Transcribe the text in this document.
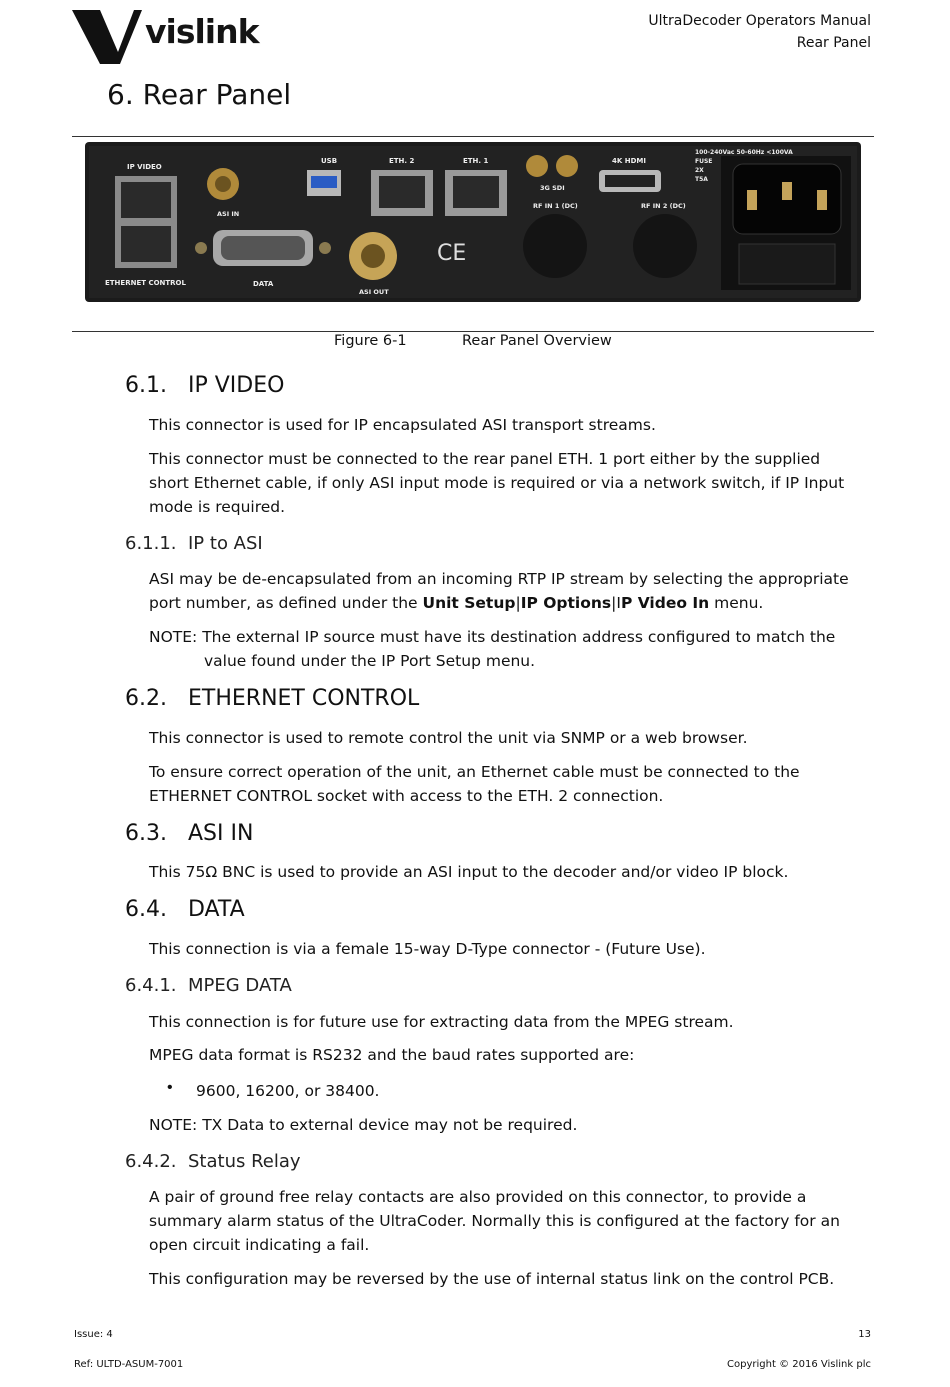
vislink	UltraDecoder Operators Manual
Rear Panel
6. Rear Panel
IP VIDEO
ETHERNET CONTROL
ASI IN
DATA
USB	ETH. 2	ETH. 1
ASI OUT
CE
3G SDI
RF IN 1 (DC)
4K HDMI
RF IN 2 (DC)
100-240Vac 50-60Hz <100VA
FUSE
2X
T5A
Figure 6-1	Rear Panel Overview
6.1. IP VIDEO
This connector is used for IP encapsulated ASI transport streams.
This connector must be connected to the rear panel ETH. 1 port either by the supplied
short Ethernet cable, if only ASI input mode is required or via a network switch, if IP Input
mode is required.
6.1.1. IP to ASI
ASI may be de-encapsulated from an incoming RTP IP stream by selecting the appropriate
port number, as defined under the Unit Setup|IP Options|IP Video In menu.
NOTE: The external IP source must have its destination address configured to match the
value found under the IP Port Setup menu.
6.2. ETHERNET CONTROL
This connector is used to remote control the unit via SNMP or a web browser.
To ensure correct operation of the unit, an Ethernet cable must be connected to the
ETHERNET CONTROL socket with access to the ETH. 2 connection.
6.3. ASI IN
This 75Ω BNC is used to provide an ASI input to the decoder and/or video IP block.
6.4. DATA
This connection is via a female 15-way D-Type connector - (Future Use).
6.4.1. MPEG DATA
This connection is for future use for extracting data from the MPEG stream.
MPEG data format is RS232 and the baud rates supported are:
• 9600, 16200, or 38400.
NOTE: TX Data to external device may not be required.
6.4.2. Status Relay
A pair of ground free relay contacts are also provided on this connector, to provide a
summary alarm status of the UltraCoder. Normally this is configured at the factory for an
open circuit indicating a fail.
This configuration may be reversed by the use of internal status link on the control PCB.
Issue: 4	13
Ref: ULTD-ASUM-7001	Copyright © 2016 Vislink plc
